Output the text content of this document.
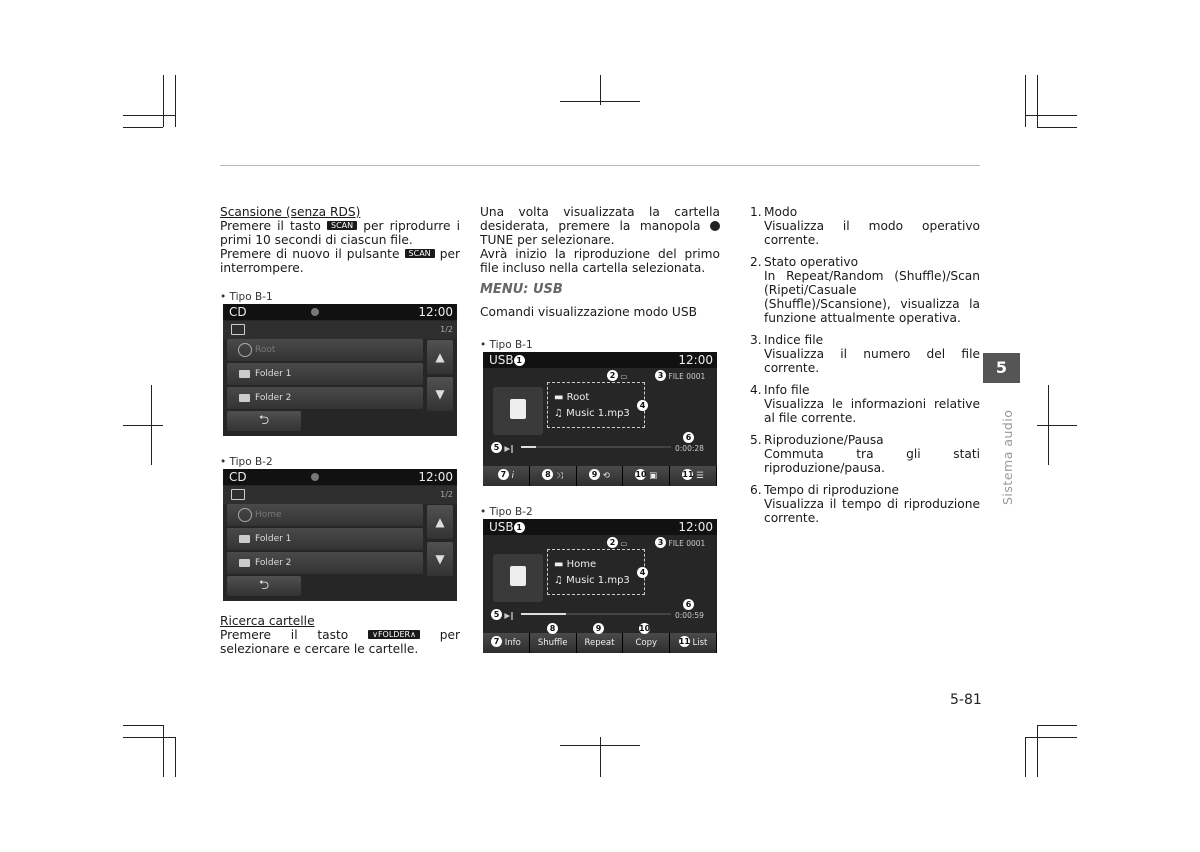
Scansione (senza RDS)

Premere il tasto SCAN per riprodurre i primi 10 secondi di ciascun file.

Premere di nuovo il pulsante SCAN per interrompere.

• Tipo B-1
CD	12:00
1/2
Root
Folder 1
Folder 2
▲
▼
⮌
• Tipo B-2
CD	12:00
1/2
Home
Folder 1
Folder 2
▲
▼
⮌

Ricerca cartelle

Premere il tasto	∨FOLDER∧ per selezionare e cercare le cartelle.

Una volta visualizzata la cartella desiderata, premere la manopola  TUNE per selezionare.

Avrà inizio la riproduzione del primo file incluso nella cartella selezionata.

MENU: USB

Comandi visualizzazione modo USB

• Tipo B-1
USB 1	12:00
2 ▭	3 FILE 0001
▬ Root
♫ Music 1.mp3
4
5 ▶‖
6
0:00:28
7 i	8 ⤨	9 ⟲	10 ▣	11 ☰
• Tipo B-2
USB 1	12:00
2 ▭	3 FILE 0001
▬ Home
♫ Music 1.mp3
4
5 ▶‖
6
0:00:59
7 Info	Shuffle	Repeat	Copy	11 List
8	9	10
1. Modo
Visualizza il modo operativo corrente.
2. Stato operativo
In Repeat/Random (Shuffle)/Scan (Ripeti/Casuale (Shuffle)/Scansione), visualizza la funzione attualmente operativa.
3. Indice file
Visualizza il numero del file corrente.
4. Info file
Visualizza le informazioni relative al file corrente.
5. Riproduzione/Pausa
Commuta tra gli stati riproduzione/pausa.
6. Tempo di riproduzione
Visualizza il tempo di riproduzione corrente.
5
Sistema audio
5-81
